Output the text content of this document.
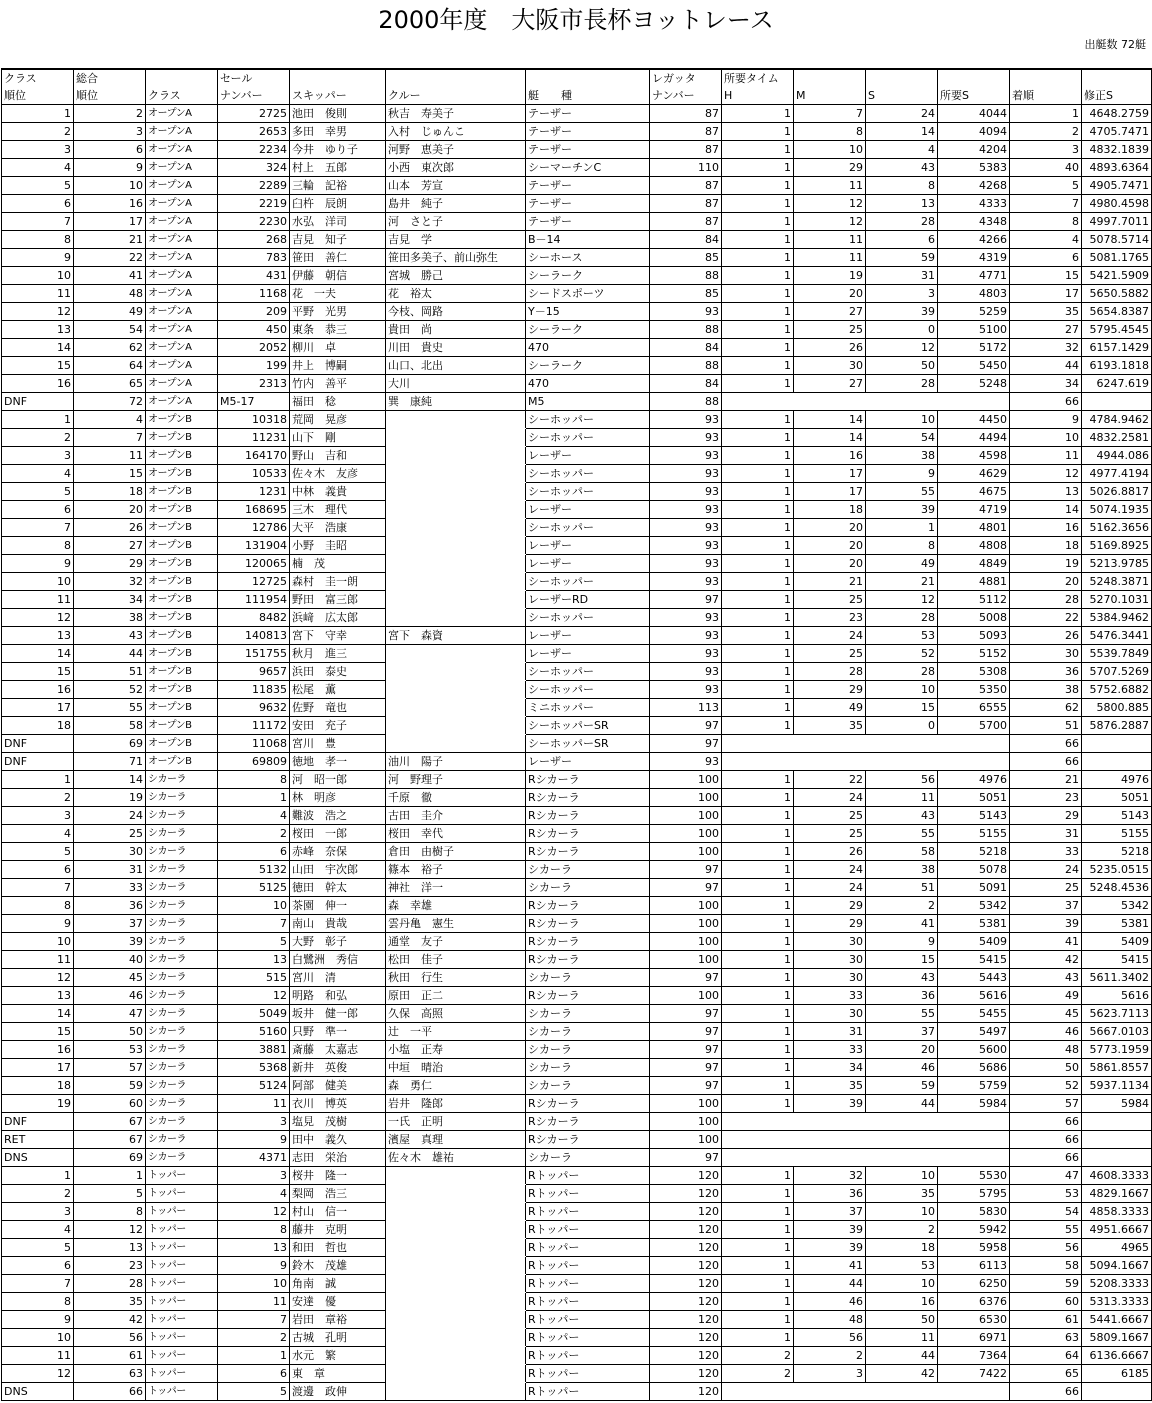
2000年度　大阪市長杯ヨットレース
出艇数 72艇
クラス	総合		セール				レガッタ	所要タイム					
順位	順位	クラス	ナンバー	スキッパー	クルー	艇　　種	ナンバー	H	M	S	所要S	着順	修正S
1	2	オープンA	2725	池田　俊則	秋吉　寿美子	テーザー	87	1	7	24	4044	1	4648.2759
2	3	オープンA	2653	多田　幸男	入村　じゅんこ	テーザー	87	1	8	14	4094	2	4705.7471
3	6	オープンA	2234	今井　ゆり子	河野　恵美子	テーザー	87	1	10	4	4204	3	4832.1839
4	9	オープンA	324	村上　五郎	小西　東次郎	シーマーチンC	110	1	29	43	5383	40	4893.6364
5	10	オープンA	2289	三輪　記裕	山本　芳宣	テーザー	87	1	11	8	4268	5	4905.7471
6	16	オープンA	2219	臼杵　辰朗	島井　純子	テーザー	87	1	12	13	4333	7	4980.4598
7	17	オープンA	2230	水弘　洋司	河　さと子	テーザー	87	1	12	28	4348	8	4997.7011
8	21	オープンA	268	吉見　知子	吉見　学	B－14	84	1	11	6	4266	4	5078.5714
9	22	オープンA	783	笹田　善仁	笹田多美子、前山弥生	シーホース	85	1	11	59	4319	6	5081.1765
10	41	オープンA	431	伊藤　朝信	宮城　勝己	シーラーク	88	1	19	31	4771	15	5421.5909
11	48	オープンA	1168	花　一夫	花　裕太	シードスポーツ	85	1	20	3	4803	17	5650.5882
12	49	オープンA	209	平野　光男	今枝、岡路	Y－15	93	1	27	39	5259	35	5654.8387
13	54	オープンA	450	東条　恭三	貴田　尚	シーラーク	88	1	25	0	5100	27	5795.4545
14	62	オープンA	2052	柳川　卓	川田　貴史	470	84	1	26	12	5172	32	6157.1429
15	64	オープンA	199	井上　博嗣	山口、北出	シーラーク	88	1	30	50	5450	44	6193.1818
16	65	オープンA	2313	竹内　善平	大川	470	84	1	27	28	5248	34	6247.619
DNF	72	オープンA	M5-17	福田　稔	巽　康純	M5	88					66	
1	4	オープンB	10318	荒岡　晃彦		シーホッパー	93	1	14	10	4450	9	4784.9462
2	7	オープンB	11231	山下　剛		シーホッパー	93	1	14	54	4494	10	4832.2581
3	11	オープンB	164170	野山　吉和		レーザー	93	1	16	38	4598	11	4944.086
4	15	オープンB	10533	佐々木　友彦		シーホッパー	93	1	17	9	4629	12	4977.4194
5	18	オープンB	1231	中林　義貴		シーホッパー	93	1	17	55	4675	13	5026.8817
6	20	オープンB	168695	三木　理代		レーザー	93	1	18	39	4719	14	5074.1935
7	26	オープンB	12786	大平　浩康		シーホッパー	93	1	20	1	4801	16	5162.3656
8	27	オープンB	131904	小野　圭昭		レーザー	93	1	20	8	4808	18	5169.8925
9	29	オープンB	120065	楠　茂		レーザー	93	1	20	49	4849	19	5213.9785
10	32	オープンB	12725	森村　圭一朗		シーホッパー	93	1	21	21	4881	20	5248.3871
11	34	オープンB	111954	野田　富三郎		レーザーRD	97	1	25	12	5112	28	5270.1031
12	38	オープンB	8482	浜﨑　広太郎		シーホッパー	93	1	23	28	5008	22	5384.9462
13	43	オープンB	140813	宮下　守幸	宮下　森資	レーザー	93	1	24	53	5093	26	5476.3441
14	44	オープンB	151755	秋月　進三		レーザー	93	1	25	52	5152	30	5539.7849
15	51	オープンB	9657	浜田　泰史		シーホッパー	93	1	28	28	5308	36	5707.5269
16	52	オープンB	11835	松尾　薫		シーホッパー	93	1	29	10	5350	38	5752.6882
17	55	オープンB	9632	佐野　竜也		ミニホッパー	113	1	49	15	6555	62	5800.885
18	58	オープンB	11172	安田　充子		シーホッパーSR	97	1	35	0	5700	51	5876.2887
DNF	69	オープンB	11068	宮川　豊		シーホッパーSR	97					66	
DNF	71	オープンB	69809	徳地　孝一	油川　陽子	レーザー	93					66	
1	14	シカーラ	8	河　昭一郎	河　野理子	Rシカーラ	100	1	22	56	4976	21	4976
2	19	シカーラ	1	林　明彦	千原　徹	Rシカーラ	100	1	24	11	5051	23	5051
3	24	シカーラ	4	難波　浩之	古田　圭介	Rシカーラ	100	1	25	43	5143	29	5143
4	25	シカーラ	2	桜田　一郎	桜田　幸代	Rシカーラ	100	1	25	55	5155	31	5155
5	30	シカーラ	6	赤峰　奈保	倉田　由樹子	Rシカーラ	100	1	26	58	5218	33	5218
6	31	シカーラ	5132	山田　宇次郎	篠本　裕子	シカーラ	97	1	24	38	5078	24	5235.0515
7	33	シカーラ	5125	徳田　幹太	神社　洋一	シカーラ	97	1	24	51	5091	25	5248.4536
8	36	シカーラ	10	茶園　伸一	森　幸雄	Rシカーラ	100	1	29	2	5342	37	5342
9	37	シカーラ	7	南山　貴哉	雲丹亀　憲生	Rシカーラ	100	1	29	41	5381	39	5381
10	39	シカーラ	5	大野　彰子	通堂　友子	Rシカーラ	100	1	30	9	5409	41	5409
11	40	シカーラ	13	白鷺洲　秀信	松田　佳子	Rシカーラ	100	1	30	15	5415	42	5415
12	45	シカーラ	515	宮川　清	秋田　行生	シカーラ	97	1	30	43	5443	43	5611.3402
13	46	シカーラ	12	明路　和弘	原田　正二	Rシカーラ	100	1	33	36	5616	49	5616
14	47	シカーラ	5049	坂井　健一郎	久保　高照	シカーラ	97	1	30	55	5455	45	5623.7113
15	50	シカーラ	5160	只野　準一	辻　一平	シカーラ	97	1	31	37	5497	46	5667.0103
16	53	シカーラ	3881	斎藤　太嘉志	小塩　正寿	シカーラ	97	1	33	20	5600	48	5773.1959
17	57	シカーラ	5368	新井　英俊	中垣　晴治	シカーラ	97	1	34	46	5686	50	5861.8557
18	59	シカーラ	5124	阿部　健美	森　勇仁	シカーラ	97	1	35	59	5759	52	5937.1134
19	60	シカーラ	11	衣川　博英	岩井　隆郎	Rシカーラ	100	1	39	44	5984	57	5984
DNF	67	シカーラ	3	塩見　茂樹	一氏　正明	Rシカーラ	100					66	
RET	67	シカーラ	9	田中　義久	濱屋　真理	Rシカーラ	100					66	
DNS	69	シカーラ	4371	志田　栄治	佐々木　雄祐	シカーラ	97					66	
1	1	トッパー	3	桜井　隆一		Rトッパー	120	1	32	10	5530	47	4608.3333
2	5	トッパー	4	梨岡　浩三		Rトッパー	120	1	36	35	5795	53	4829.1667
3	8	トッパー	12	村山　信一		Rトッパー	120	1	37	10	5830	54	4858.3333
4	12	トッパー	8	藤井　克明		Rトッパー	120	1	39	2	5942	55	4951.6667
5	13	トッパー	13	和田　哲也		Rトッパー	120	1	39	18	5958	56	4965
6	23	トッパー	9	鈴木　茂雄		Rトッパー	120	1	41	53	6113	58	5094.1667
7	28	トッパー	10	角南　誠		Rトッパー	120	1	44	10	6250	59	5208.3333
8	35	トッパー	11	安達　優		Rトッパー	120	1	46	16	6376	60	5313.3333
9	42	トッパー	7	岩田　章裕		Rトッパー	120	1	48	50	6530	61	5441.6667
10	56	トッパー	2	古城　孔明		Rトッパー	120	1	56	11	6971	63	5809.1667
11	61	トッパー	1	水元　繁		Rトッパー	120	2	2	44	7364	64	6136.6667
12	63	トッパー	6	東　章		Rトッパー	120	2	3	42	7422	65	6185
DNS	66	トッパー	5	渡邊　政伸		Rトッパー	120					66	
